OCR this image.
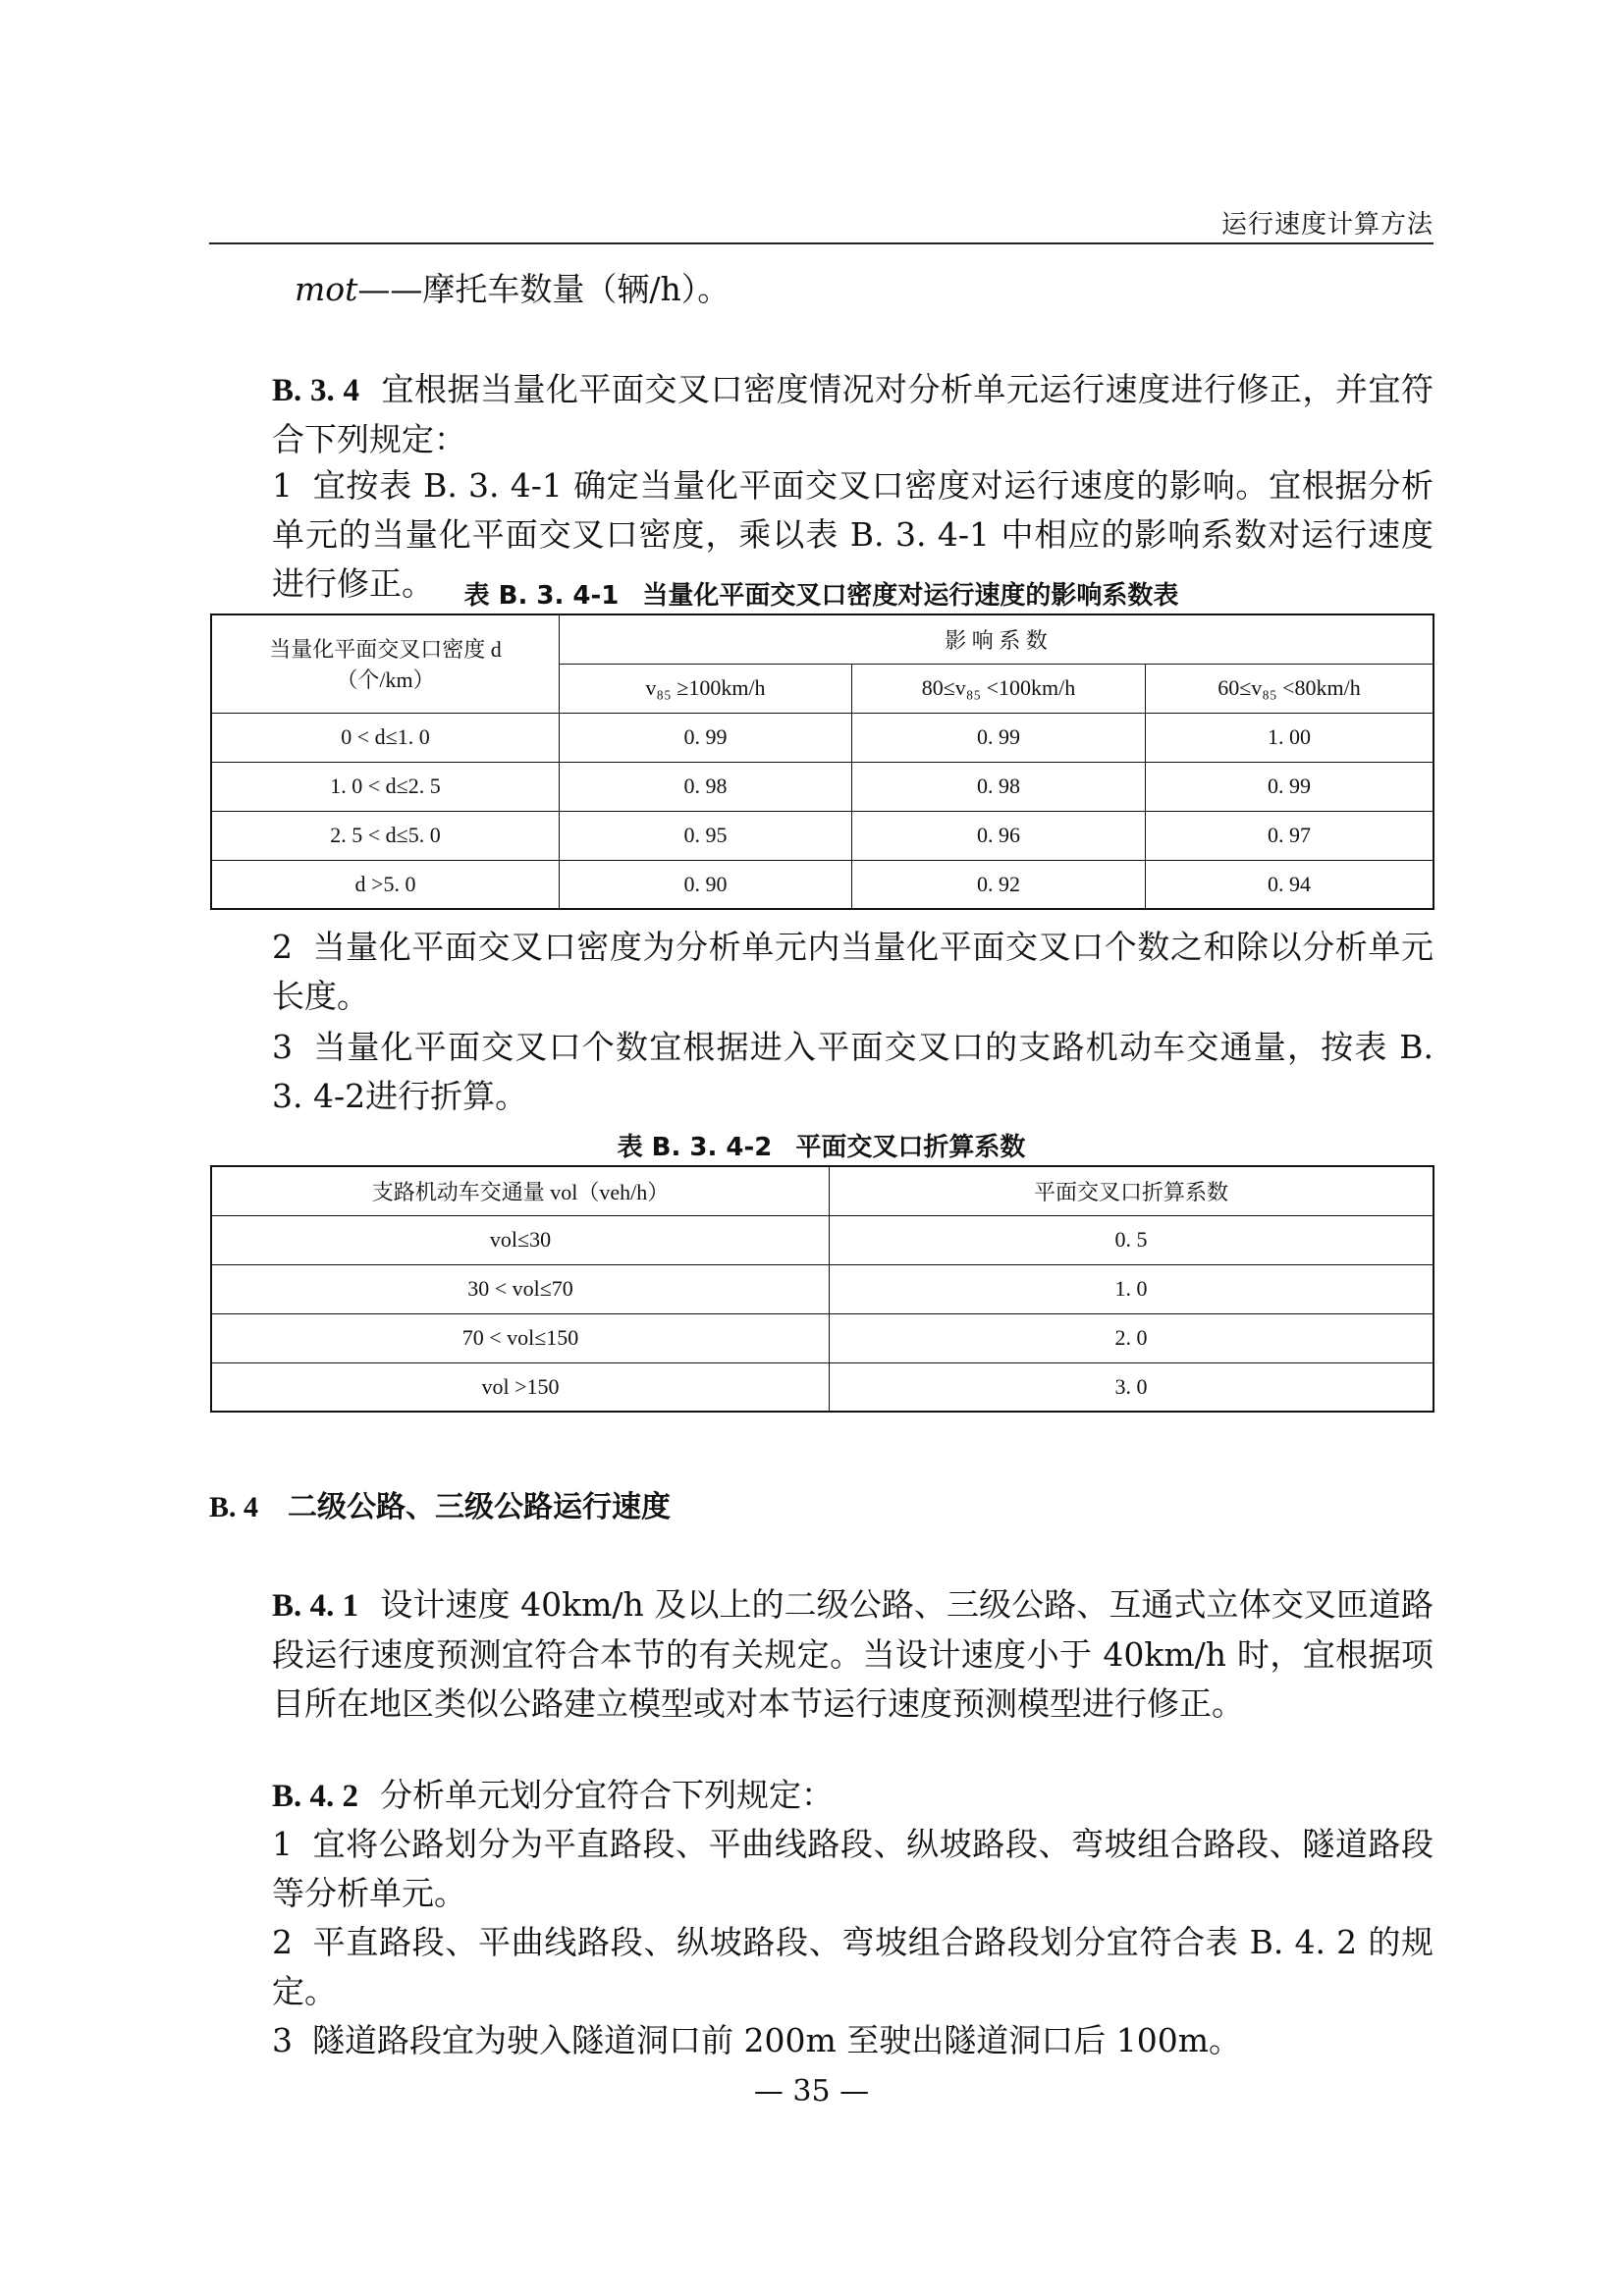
运行速度计算方法
mot——摩托车数量（辆/h）。
B. 3. 4 宜根据当量化平面交叉口密度情况对分析单元运行速度进行修正，并宜符合下列规定：
1 宜按表 B. 3. 4-1 确定当量化平面交叉口密度对运行速度的影响。宜根据分析单元的当量化平面交叉口密度，乘以表 B. 3. 4-1 中相应的影响系数对运行速度进行修正。	表 B. 3. 4-1 当量化平面交叉口密度对运行速度的影响系数表
当量化平面交叉口密度 d
（个/km）	影 响 系 数		
	v₈₅ ≥100km/h	80≤v₈₅ <100km/h	60≤v₈₅ <80km/h
0 < d≤1. 0	0. 99	0. 99	1. 00
1. 0 < d≤2. 5	0. 98	0. 98	0. 99
2. 5 < d≤5. 0	0. 95	0. 96	0. 97
d >5. 0	0. 90	0. 92	0. 94
2 当量化平面交叉口密度为分析单元内当量化平面交叉口个数之和除以分析单元长度。
3 当量化平面交叉口个数宜根据进入平面交叉口的支路机动车交通量，按表 B. 3. 4-2进行折算。
表 B. 3. 4-2 平面交叉口折算系数
支路机动车交通量 vol（veh/h）	平面交叉口折算系数
vol≤30	0. 5
30 < vol≤70	1. 0
70 < vol≤150	2. 0
vol >150	3. 0
B. 4 二级公路、三级公路运行速度
B. 4. 1 设计速度 40km/h 及以上的二级公路、三级公路、互通式立体交叉匝道路段运行速度预测宜符合本节的有关规定。当设计速度小于 40km/h 时，宜根据项目所在地区类似公路建立模型或对本节运行速度预测模型进行修正。
B. 4. 2 分析单元划分宜符合下列规定：
1 宜将公路划分为平直路段、平曲线路段、纵坡路段、弯坡组合路段、隧道路段等分析单元。
2 平直路段、平曲线路段、纵坡路段、弯坡组合路段划分宜符合表 B. 4. 2 的规定。
3 隧道路段宜为驶入隧道洞口前 200m 至驶出隧道洞口后 100m。
— 35 —
